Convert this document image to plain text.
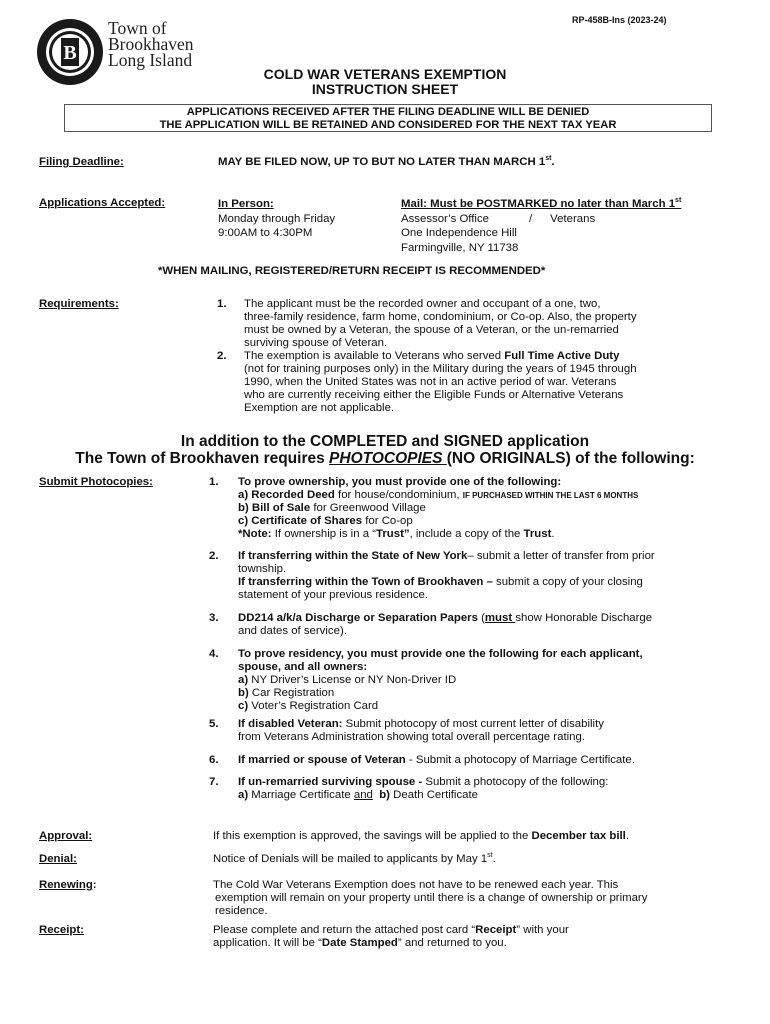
B
Town of
Brookhaven
Long Island
RP-458B-Ins (2023-24)
COLD WAR VETERANS EXEMPTION
INSTRUCTION SHEET
APPLICATIONS RECEIVED AFTER THE FILING DEADLINE WILL BE DENIED
THE APPLICATION WILL BE RETAINED AND CONSIDERED FOR THE NEXT TAX YEAR
Filing Deadline:	MAY BE FILED NOW, UP TO BUT NO LATER THAN MARCH 1st.
Applications Accepted:	In Person:
Monday through Friday
9:00AM to 4:30PM
Mail: Must be POSTMARKED no later than March 1st
Assessor’s Office	/ Veterans
One Independence Hill
Farmingville, NY 11738
*WHEN MAILING, REGISTERED/RETURN RECEIPT IS RECOMMENDED*
Requirements:	1. The applicant must be the recorded owner and occupant of a one, two,
three-family residence, farm home, condominium, or Co-op. Also, the property
must be owned by a Veteran, the spouse of a Veteran, or the un-remarried
surviving spouse of Veteran.
2. The exemption is available to Veterans who served Full Time Active Duty
(not for training purposes only) in the Military during the years of 1945 through
1990, when the United States was not in an active period of war. Veterans
who are currently receiving either the Eligible Funds or Alternative Veterans
Exemption are not applicable.
In addition to the COMPLETED and SIGNED application
The Town of Brookhaven requires PHOTOCOPIES (NO ORIGINALS) of the following:
Submit Photocopies:	1. To prove ownership, you must provide one of the following:
a) Recorded Deed for house/condominium, IF PURCHASED WITHIN THE LAST 6 MONTHS
b) Bill of Sale for Greenwood Village
c) Certificate of Shares for Co-op
*Note: If ownership is in a “Trust”, include a copy of the Trust.
2. If transferring within the State of New York– submit a letter of transfer from prior
township.
If transferring within the Town of Brookhaven – submit a copy of your closing
statement of your previous residence.
3. DD214 a/k/a Discharge or Separation Papers (must show Honorable Discharge
and dates of service).
4. To prove residency, you must provide one the following for each applicant,
spouse, and all owners:
a) NY Driver’s License or NY Non-Driver ID
b) Car Registration
c) Voter’s Registration Card
5. If disabled Veteran: Submit photocopy of most current letter of disability
from Veterans Administration showing total overall percentage rating.
6. If married or spouse of Veteran - Submit a photocopy of Marriage Certificate.
7. If un-remarried surviving spouse - Submit a photocopy of the following:
a) Marriage Certificate and b) Death Certificate
Approval:	If this exemption is approved, the savings will be applied to the December tax bill.
Denial:	Notice of Denials will be mailed to applicants by May 1st.
Renewing:	The Cold War Veterans Exemption does not have to be renewed each year. This
exemption will remain on your property until there is a change of ownership or primary
residence.
Receipt:	Please complete and return the attached post card “Receipt” with your
application. It will be “Date Stamped” and returned to you.
